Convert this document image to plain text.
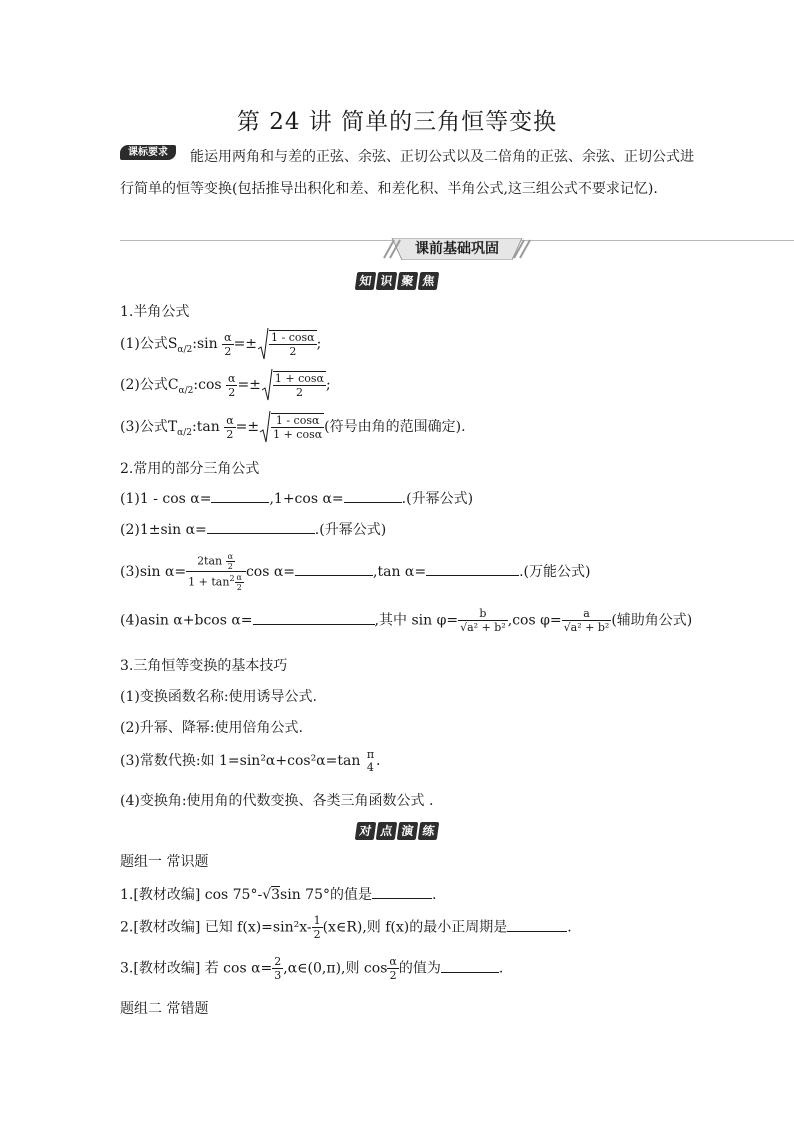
第 24 讲 简单的三角恒等变换
课标要求	能运用两角和与差的正弦、余弦、正切公式以及二倍角的正弦、余弦、正切公式进行简单的恒等变换(包括推导出积化和差、和差化积、半角公式,这三组公式不要求记忆).
课前基础巩固
知 识 聚 焦
1.半角公式
(1)公式$S_{\alpha/2}:\sin \frac{\alpha}{2} =\pm \frac{1 - \cos\alpha}{2}$ ;
(2)公式$C_{\alpha/2}:\cos \frac{\alpha}{2} =\pm \frac{1 + \cos\alpha}{2}$ ;
(3)公式$T_{\alpha/2}:\tan \frac{\alpha}{2} =\pm \frac{1 - \cos\alpha}{1 + \cos\alpha}$ (符号由角的范围确定).
2.常用的部分三角公式
(1)1 - cos α=	,1+cos α=	.(升幂公式)
(2)1±sin α=	.(升幂公式)
(3)sin $\alpha= \frac{2\tan \frac{\alpha}{2}}{1 + \tan^2 \frac{\alpha}{2}}$ cos α=	,tan α=	.(万能公式)
(4)asin α+bcos α=	,其中 $\sin \varphi= \frac{b}{\text{√a² + b²}} ,\cos$ $\varphi= \frac{a}{\text{√a² + b²}}$ (辅助角公式)
3.三角恒等变换的基本技巧
(1)变换函数名称:使用诱导公式.
(2)升幂、降幂:使用倍角公式.
(3)常数代换:如 1=sin²α+cos²α=tan π
4 .
(4)变换角:使用角的代数变换、各类三角函数公式 .
对 点 演 练
题组一 常识题
1.[教材改编] cos 75°-√3sin 75°的值是	.
2.[教材改编] 已知 $f(x)=\sin^2x- \frac{1}{2}$ (x∈R),则 f(x)的最小正周期是	.
3.[教材改编] 若 $\cos \alpha= \frac{2}{3}$ ,α∈(0,π),则 $\cos \frac{\alpha}{2}$ 的值为	.
题组二 常错题
